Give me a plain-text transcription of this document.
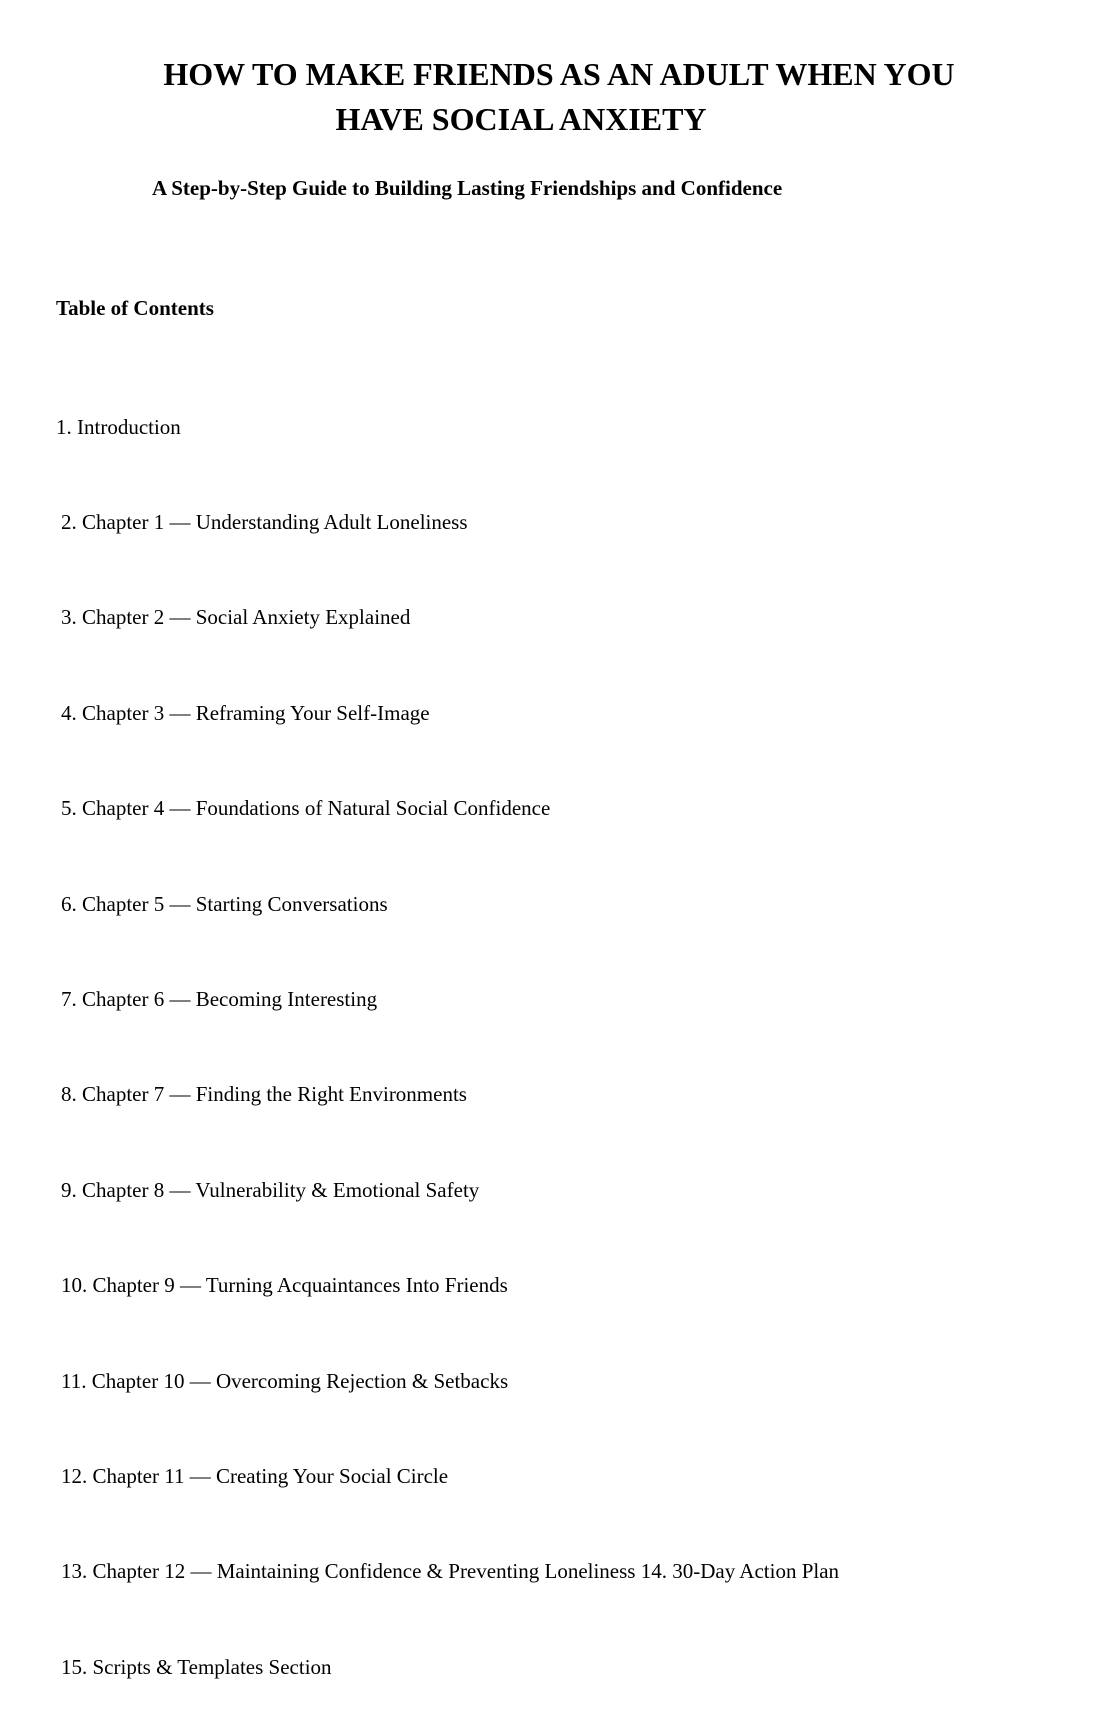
HOW TO MAKE FRIENDS AS AN ADULT WHEN YOU
HAVE SOCIAL ANXIETY
A Step-by-Step Guide to Building Lasting Friendships and Confidence
Table of Contents

1. Introduction

2. Chapter 1 — Understanding Adult Loneliness

3. Chapter 2 — Social Anxiety Explained

4. Chapter 3 — Reframing Your Self-Image

5. Chapter 4 — Foundations of Natural Social Confidence

6. Chapter 5 — Starting Conversations

7. Chapter 6 — Becoming Interesting

8. Chapter 7 — Finding the Right Environments

9. Chapter 8 — Vulnerability & Emotional Safety

10. Chapter 9 — Turning Acquaintances Into Friends

11. Chapter 10 — Overcoming Rejection & Setbacks

12. Chapter 11 — Creating Your Social Circle

13. Chapter 12 — Maintaining Confidence & Preventing Loneliness 14. 30-Day Action Plan

15. Scripts & Templates Section
